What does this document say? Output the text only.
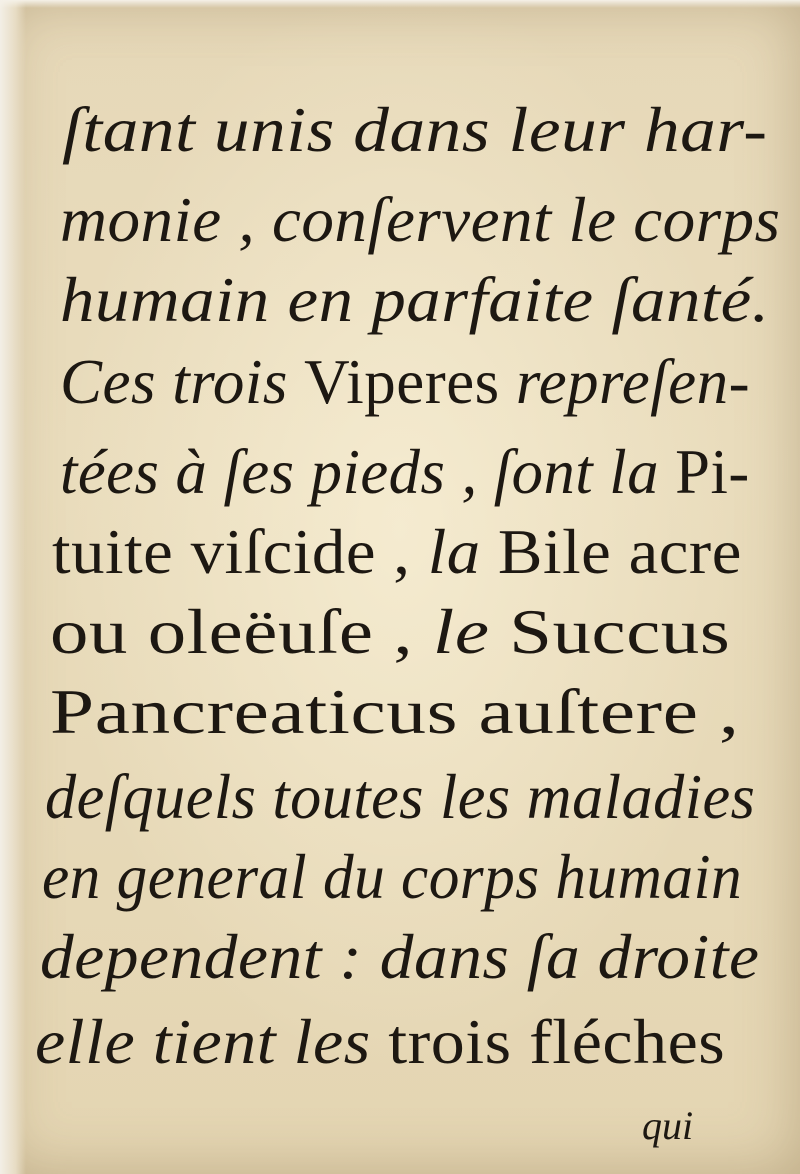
ſtant unis dans leur har-
monie , conſervent le corps
humain en parfaite ſanté.
Ces trois Viperes repreſen-
tées à ſes pieds , ſont la Pi-
tuite viſcide , la Bile acre
ou oleëuſe , le Succus
Pancreaticus auſtere ,
deſquels toutes les maladies
en general du corps humain
dependent : dans ſa droite
elle tient les trois fléches
qui
